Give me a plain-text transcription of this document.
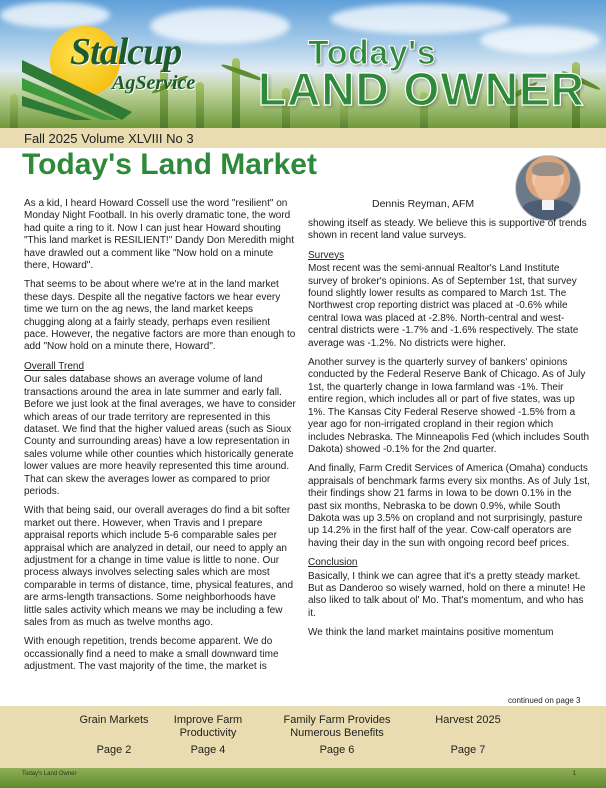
Stalcup
AgService
Today's
LAND OWNER
Fall 2025 Volume XLVIII No 3
Today's Land Market
Dennis Reyman, AFM

As a kid, I heard Howard Cossell use the word "resilient" on Monday Night Football. In his overly dramatic tone, the word had quite a ring to it. Now I can just hear Howard shouting "This land market is RESILIENT!" Dandy Don Meredith might have drawled out a comment like "Now hold on a minute there, Howard".

That seems to be about where we're at in the land market these days. Despite all the negative factors we hear every time we turn on the ag news, the land market keeps chugging along at a fairly steady, perhaps even resilient pace. However, the negative factors are more than enough to add "Now hold on a minute there, Howard".

Overall Trend

Our sales database shows an average volume of land transactions around the area in late summer and early fall. Before we just look at the final averages, we have to consider which areas of our trade territory are represented in this dataset. We find that the higher valued areas (such as Sioux County and surrounding areas) have a low representation in sales volume while other counties which historically generate lower values are more heavily represented this time around. That can skew the averages lower as compared to prior periods.

With that being said, our overall averages do find a bit softer market out there. However, when Travis and I prepare appraisal reports which include 5-6 comparable sales per appraisal which are analyzed in detail, our need to apply an adjustment for a change in time value is little to none. Our process always involves selecting sales which are most comparable in terms of distance, time, physical features, and are arms-length transactions. Some neighborhoods have little sales activity which means we may be including a few sales from as much as twelve months ago.

With enough repetition, trends become apparent. We do occassionally find a need to make a small downward time adjustment. The vast majority of the time, the market is

showing itself as steady. We believe this is supportive of trends shown in recent land value surveys.

Surveys

Most recent was the semi-annual Realtor's Land Institute survey of broker's opinions. As of September 1st, that survey found slightly lower results as compared to March 1st. The Northwest crop reporting district was placed at -0.6% while central Iowa was placed at -2.8%. North-central and west-central districts were -1.7% and -1.6% respectively. The state average was -1.2%. No districts were higher.

Another survey is the quarterly survey of bankers' opinions conducted by the Federal Reserve Bank of Chicago. As of July 1st, the quarterly change in Iowa farmland was -1%. Their entire region, which includes all or part of five states, was up 1%. The Kansas City Federal Reserve showed -1.5% from a year ago for non-irrigated cropland in their region which includes Nebraska. The Minneapolis Fed (which includes South Dakota) showed -0.1% for the 2nd quarter.

And finally, Farm Credit Services of America (Omaha) conducts appraisals of benchmark farms every six months. As of July 1st, their findings show 21 farms in Iowa to be down 0.1% in the past six months, Nebraska to be down 0.9%, while South Dakota was up 3.5% on cropland and not surprisingly, pasture up 14.2% in the first half of the year. Cow-calf operators are having their day in the sun with ongoing record beef prices.

Conclusion

Basically, I think we can agree that it's a pretty steady market. But as Danderoo so wisely warned, hold on there a minute! He also liked to talk about ol' Mo. That's momentum, and who has it.

We think the land market maintains positive momentum

continued on page 3
Grain Markets
Page 2
Improve Farm Productivity
Page 4
Family Farm Provides Numerous Benefits
Page 6
Harvest 2025
Page 7
Today's Land Owner	1
